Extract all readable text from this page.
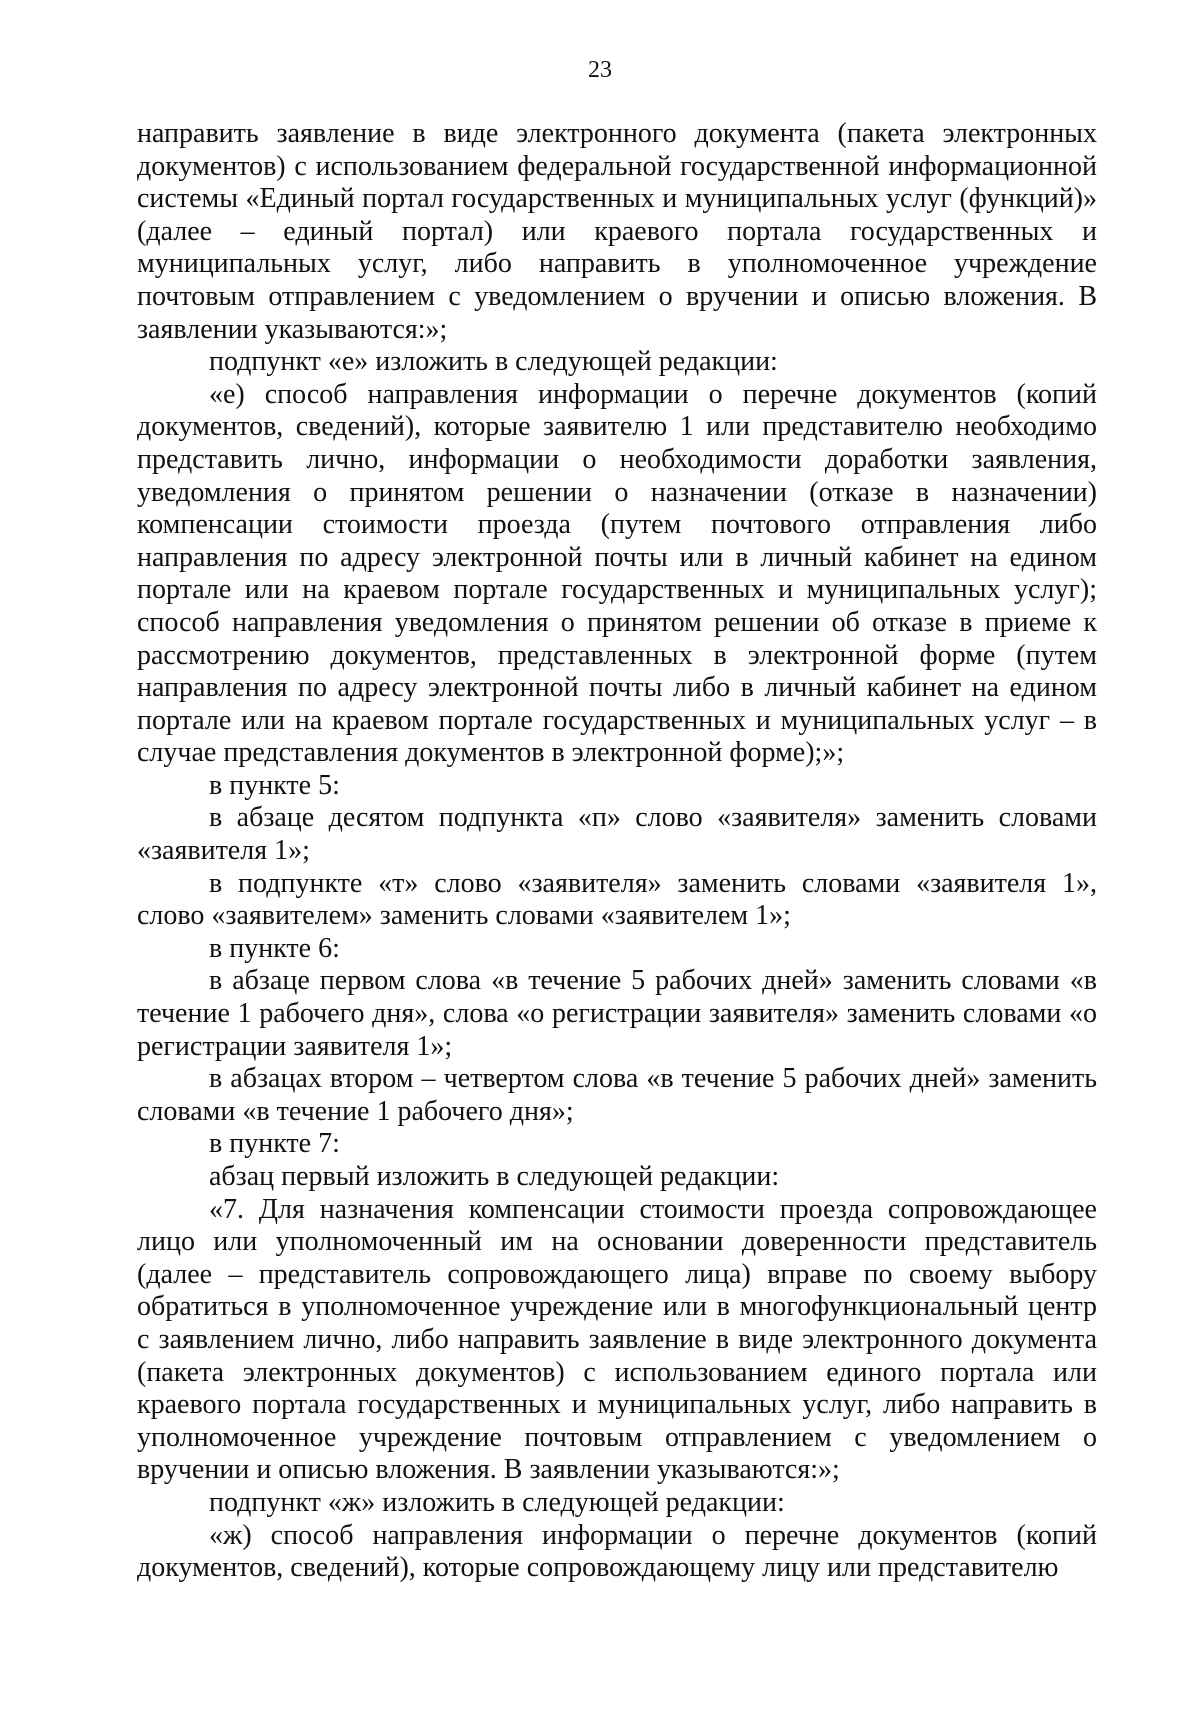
23

направить заявление в виде электронного документа (пакета электронных документов) с использованием федеральной государственной информационной системы «Единый портал государственных и муниципальных услуг (функций)» (далее – единый портал) или краевого портала государственных и муниципальных услуг, либо направить в уполномоченное учреждение почтовым отправлением с уведомлением о вручении и описью вложения. В заявлении указываются:»;

подпункт «е» изложить в следующей редакции:

«е) способ направления информации о перечне документов (копий документов, сведений), которые заявителю 1 или представителю необходимо представить лично, информации о необходимости доработки заявления, уведомления о принятом решении о назначении (отказе в назначении) компенсации стоимости проезда (путем почтового отправления либо направления по адресу электронной почты или в личный кабинет на едином портале или на краевом портале государственных и муниципальных услуг); способ направления уведомления о принятом решении об отказе в приеме к рассмотрению документов, представленных в электронной форме (путем направления по адресу электронной почты либо в личный кабинет на едином портале или на краевом портале государственных и муниципальных услуг – в случае представления документов в электронной форме);»;

в пункте 5:

в абзаце десятом подпункта «п» слово «заявителя» заменить словами «заявителя 1»;

в подпункте «т» слово «заявителя» заменить словами «заявителя 1», слово «заявителем» заменить словами «заявителем 1»;

в пункте 6:

в абзаце первом слова «в течение 5 рабочих дней» заменить словами «в течение 1 рабочего дня», слова «о регистрации заявителя» заменить словами «о регистрации заявителя 1»;

в абзацах втором – четвертом слова «в течение 5 рабочих дней» заменить словами «в течение 1 рабочего дня»;

в пункте 7:

абзац первый изложить в следующей редакции:

«7. Для назначения компенсации стоимости проезда сопровождающее лицо или уполномоченный им на основании доверенности представитель (далее – представитель сопровождающего лица) вправе по своему выбору обратиться в уполномоченное учреждение или в многофункциональный центр с заявлением лично, либо направить заявление в виде электронного документа (пакета электронных документов) с использованием единого портала или краевого портала государственных и муниципальных услуг, либо направить в уполномоченное учреждение почтовым отправлением с уведомлением о вручении и описью вложения. В заявлении указываются:»;

подпункт «ж» изложить в следующей редакции:

«ж) способ направления информации о перечне документов (копий документов, сведений), которые сопровождающему лицу или представителю
